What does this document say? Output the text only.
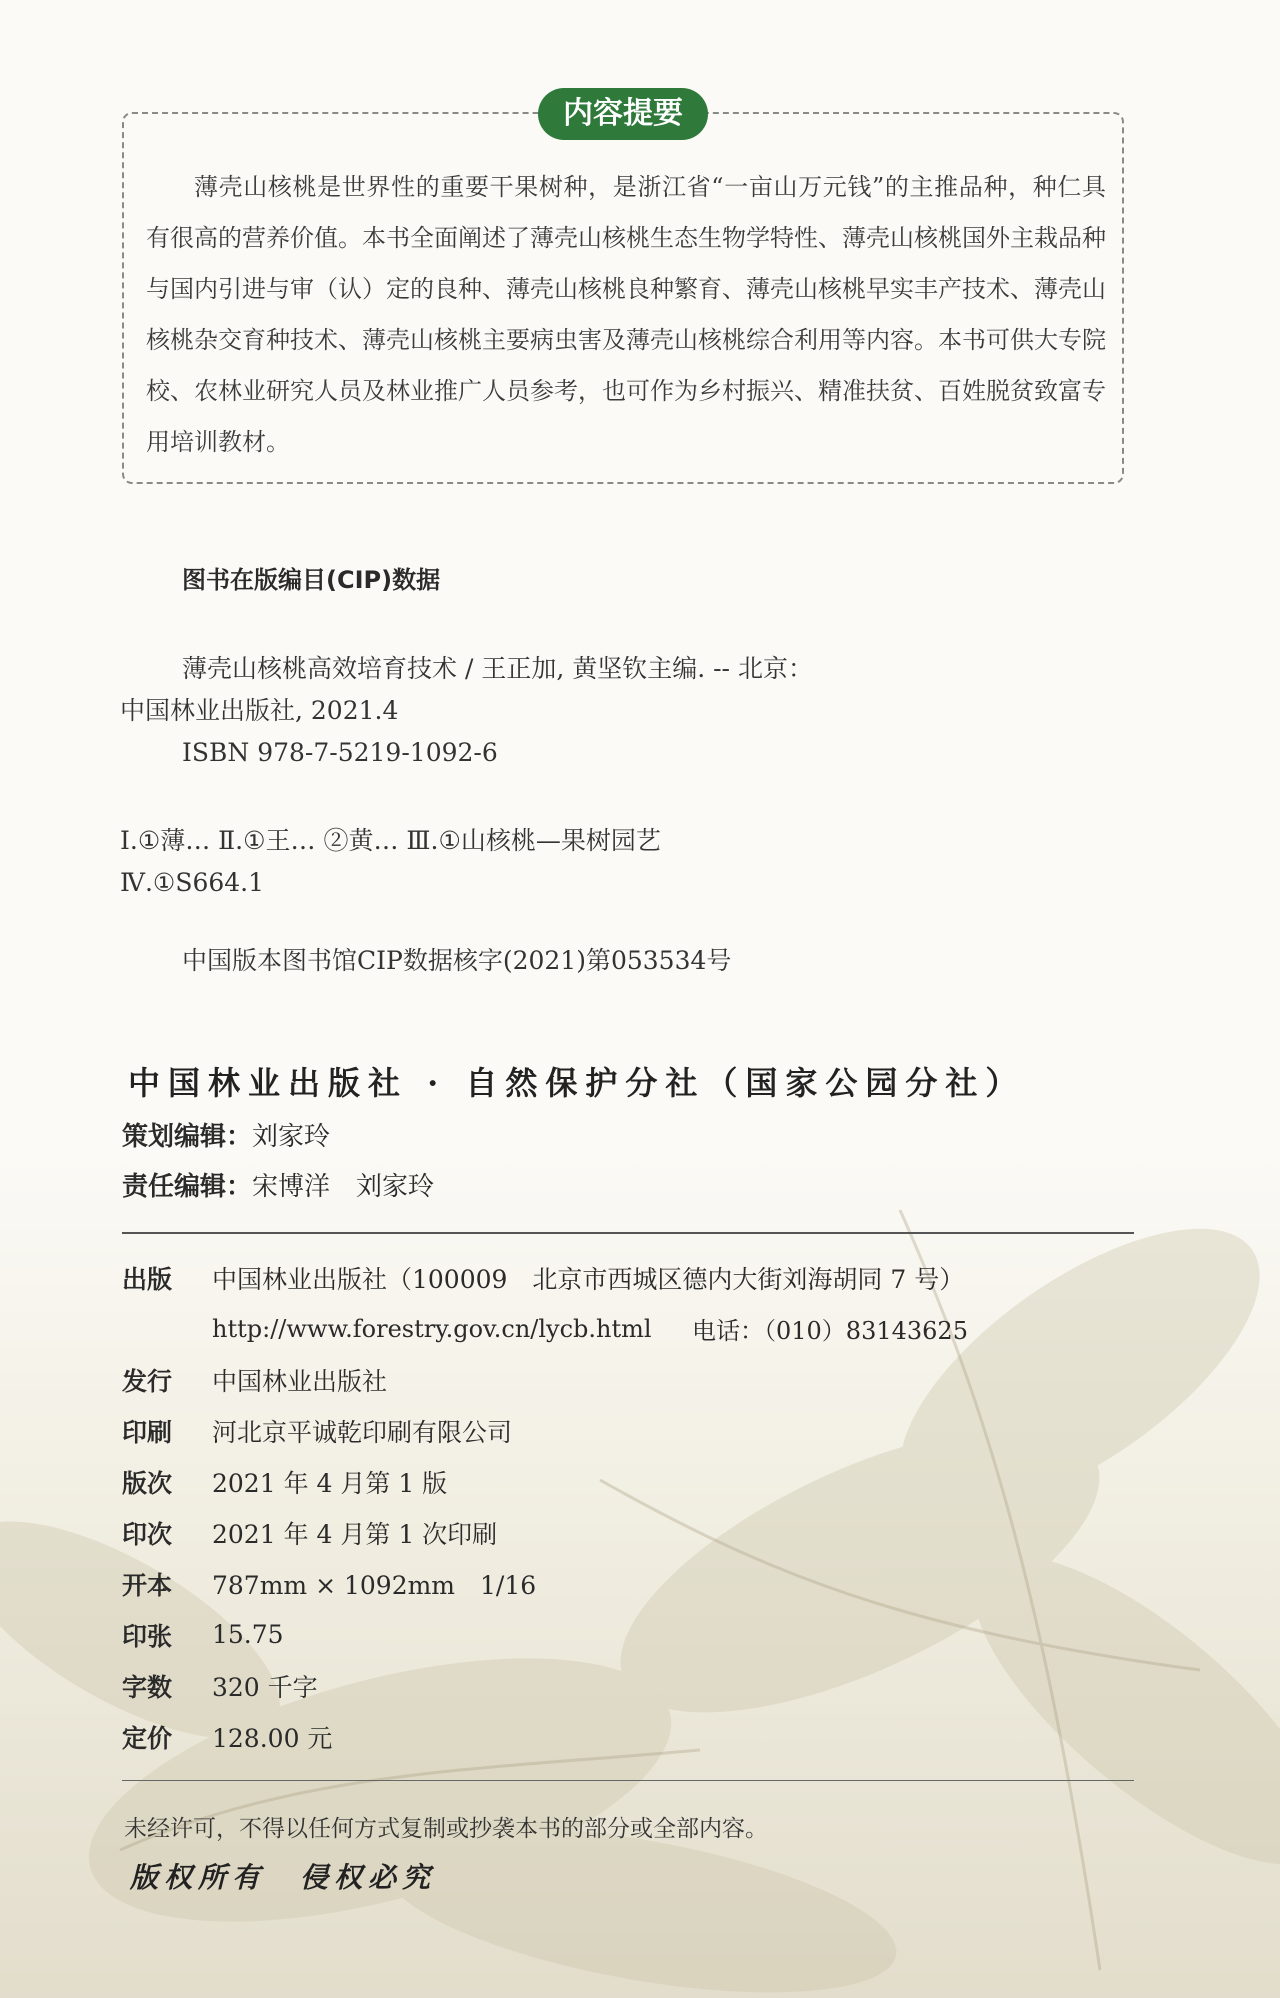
内容提要

薄壳山核桃是世界性的重要干果树种，是浙江省“一亩山万元钱”的主推品种，种仁具有很高的营养价值。本书全面阐述了薄壳山核桃生态生物学特性、薄壳山核桃国外主栽品种与国内引进与审（认）定的良种、薄壳山核桃良种繁育、薄壳山核桃早实丰产技术、薄壳山核桃杂交育种技术、薄壳山核桃主要病虫害及薄壳山核桃综合利用等内容。本书可供大专院校、农林业研究人员及林业推广人员参考，也可作为乡村振兴、精准扶贫、百姓脱贫致富专用培训教材。

图书在版编目(CIP)数据
薄壳山核桃高效培育技术 / 王正加, 黄坚钦主编. -- 北京：
中国林业出版社, 2021.4
ISBN 978-7-5219-1092-6
Ⅰ.①薄… Ⅱ.①王… ②黄… Ⅲ.①山核桃—果树园艺
Ⅳ.①S664.1
中国版本图书馆CIP数据核字(2021)第053534号
中国林业出版社 · 自然保护分社（国家公园分社）
策划编辑：刘家玲
责任编辑：宋博洋　刘家玲
出版	中国林业出版社（100009　北京市西城区德内大街刘海胡同 7 号）
http://www.forestry.gov.cn/lycb.html	电话：（010）83143625
发行	中国林业出版社
印刷	河北京平诚乾印刷有限公司
版次	2021 年 4 月第 1 版
印次	2021 年 4 月第 1 次印刷
开本	787mm × 1092mm　1/16
印张	15.75
字数	320 千字
定价	128.00 元
未经许可，不得以任何方式复制或抄袭本书的部分或全部内容。
版权所有　侵权必究
